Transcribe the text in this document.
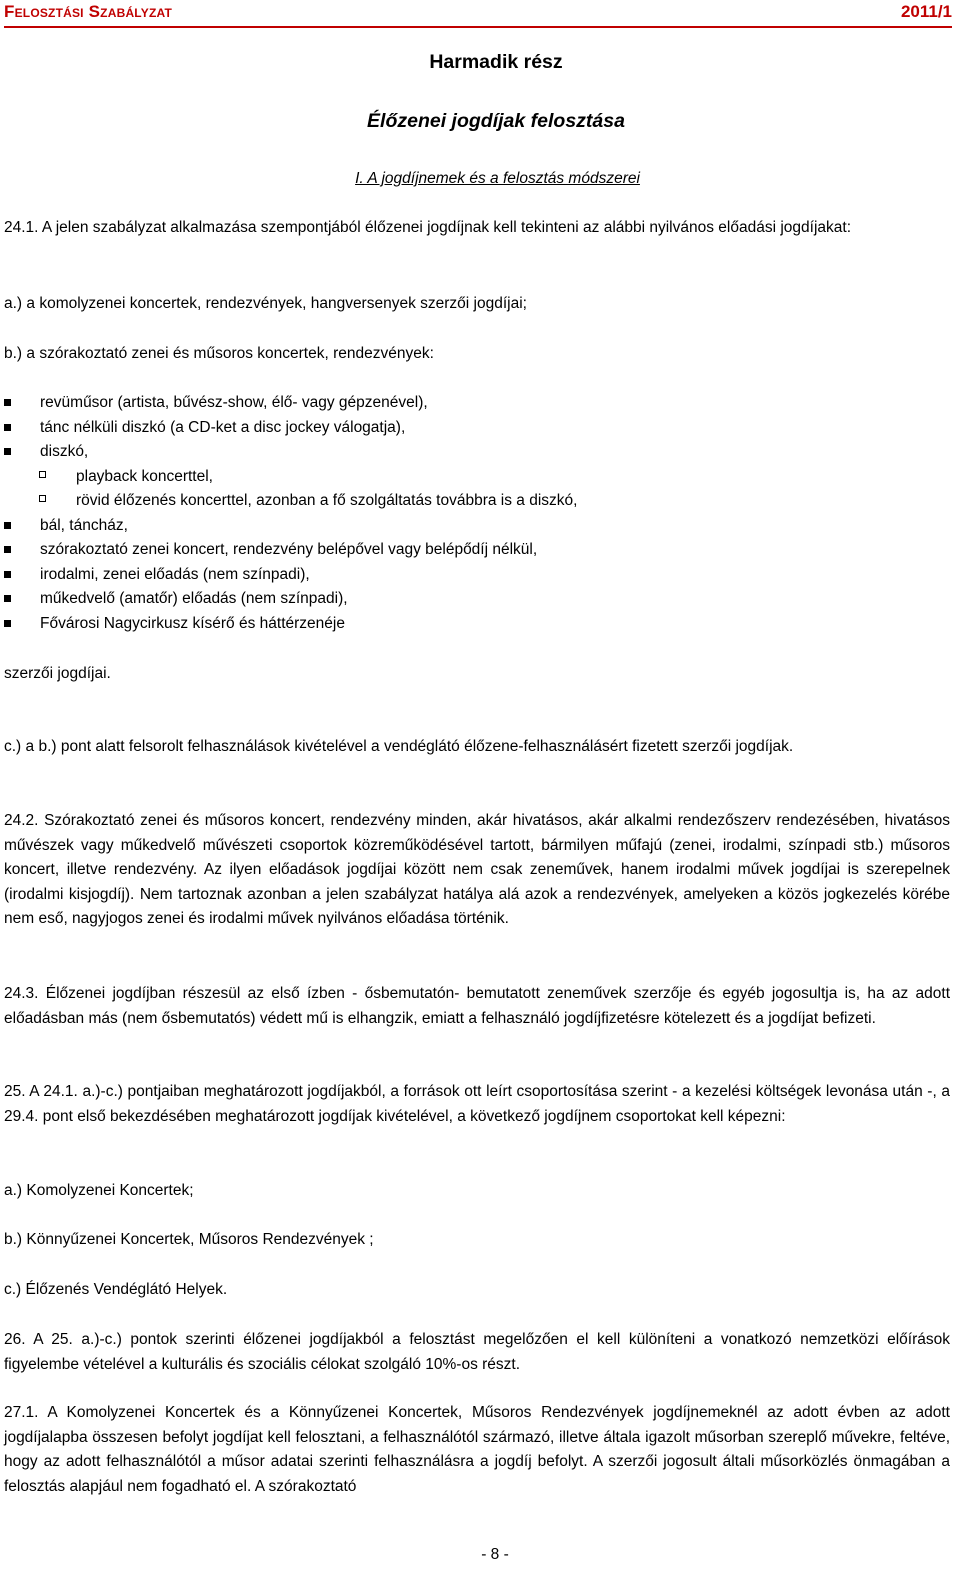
Felosztási Szabályzat	2011/1
Harmadik rész
Élőzenei jogdíjak felosztása
I. A jogdíjnemek és a felosztás módszerei

24.1. A jelen szabályzat alkalmazása szempontjából élőzenei jogdíjnak kell tekinteni az alábbi nyilvános előadási jogdíjakat:

a.) a komolyzenei koncertek, rendezvények, hangversenyek szerzői jogdíjai;

b.) a szórakoztató zenei és műsoros koncertek, rendezvények:

revüműsor (artista, bűvész-show, élő- vagy gépzenével),
tánc nélküli diszkó (a CD-ket a disc jockey válogatja),
diszkó,
playback koncerttel,
rövid élőzenés koncerttel, azonban a fő szolgáltatás továbbra is a diszkó,
bál, táncház,
szórakoztató zenei koncert, rendezvény belépővel vagy belépődíj nélkül,
irodalmi, zenei előadás (nem színpadi),
műkedvelő (amatőr) előadás (nem színpadi),
Fővárosi Nagycirkusz kísérő és háttérzenéje

szerzői jogdíjai.

c.) a b.) pont alatt felsorolt felhasználások kivételével a vendéglátó élőzene-felhasználásért fizetett szerzői jogdíjak.

24.2. Szórakoztató zenei és műsoros koncert, rendezvény minden, akár hivatásos, akár alkalmi rendezőszerv rendezésében, hivatásos művészek vagy műkedvelő művészeti csoportok közreműködésével tartott, bármilyen műfajú (zenei, irodalmi, színpadi stb.) műsoros koncert, illetve rendezvény. Az ilyen előadások jogdíjai között nem csak zeneművek, hanem irodalmi művek jogdíjai is szerepelnek (irodalmi kisjogdíj). Nem tartoznak azonban a jelen szabályzat hatálya alá azok a rendezvények, amelyeken a közös jogkezelés körébe nem eső, nagyjogos zenei és irodalmi művek nyilvános előadása történik.

24.3. Élőzenei jogdíjban részesül az első ízben - ősbemutatón- bemutatott zeneművek szerzője és egyéb jogosultja is, ha az adott előadásban más (nem ősbemutatós) védett mű is elhangzik, emiatt a felhasználó jogdíjfizetésre kötelezett és a jogdíjat befizeti.

25. A 24.1. a.)-c.) pontjaiban meghatározott jogdíjakból, a források ott leírt csoportosítása szerint - a kezelési költségek levonása után -, a 29.4. pont első bekezdésében meghatározott jogdíjak kivételével, a következő jogdíjnem csoportokat kell képezni:

a.) Komolyzenei Koncertek;

b.) Könnyűzenei Koncertek, Műsoros Rendezvények ;

c.) Élőzenés Vendéglátó Helyek.

26. A 25. a.)-c.) pontok szerinti élőzenei jogdíjakból a felosztást megelőzően el kell különíteni a vonatkozó nemzetközi előírások figyelembe vételével a kulturális és szociális célokat szolgáló 10%-os részt.

27.1. A Komolyzenei Koncertek és a Könnyűzenei Koncertek, Műsoros Rendezvények jogdíjnemeknél az adott évben az adott jogdíjalapba összesen befolyt jogdíjat kell felosztani, a felhasználótól származó, illetve általa igazolt műsorban szereplő művekre, feltéve, hogy az adott felhasználótól a műsor adatai szerinti felhasználásra a jogdíj befolyt. A szerzői jogosult általi műsorközlés önmagában a felosztás alapjául nem fogadható el. A szórakoztató

- 8 -
